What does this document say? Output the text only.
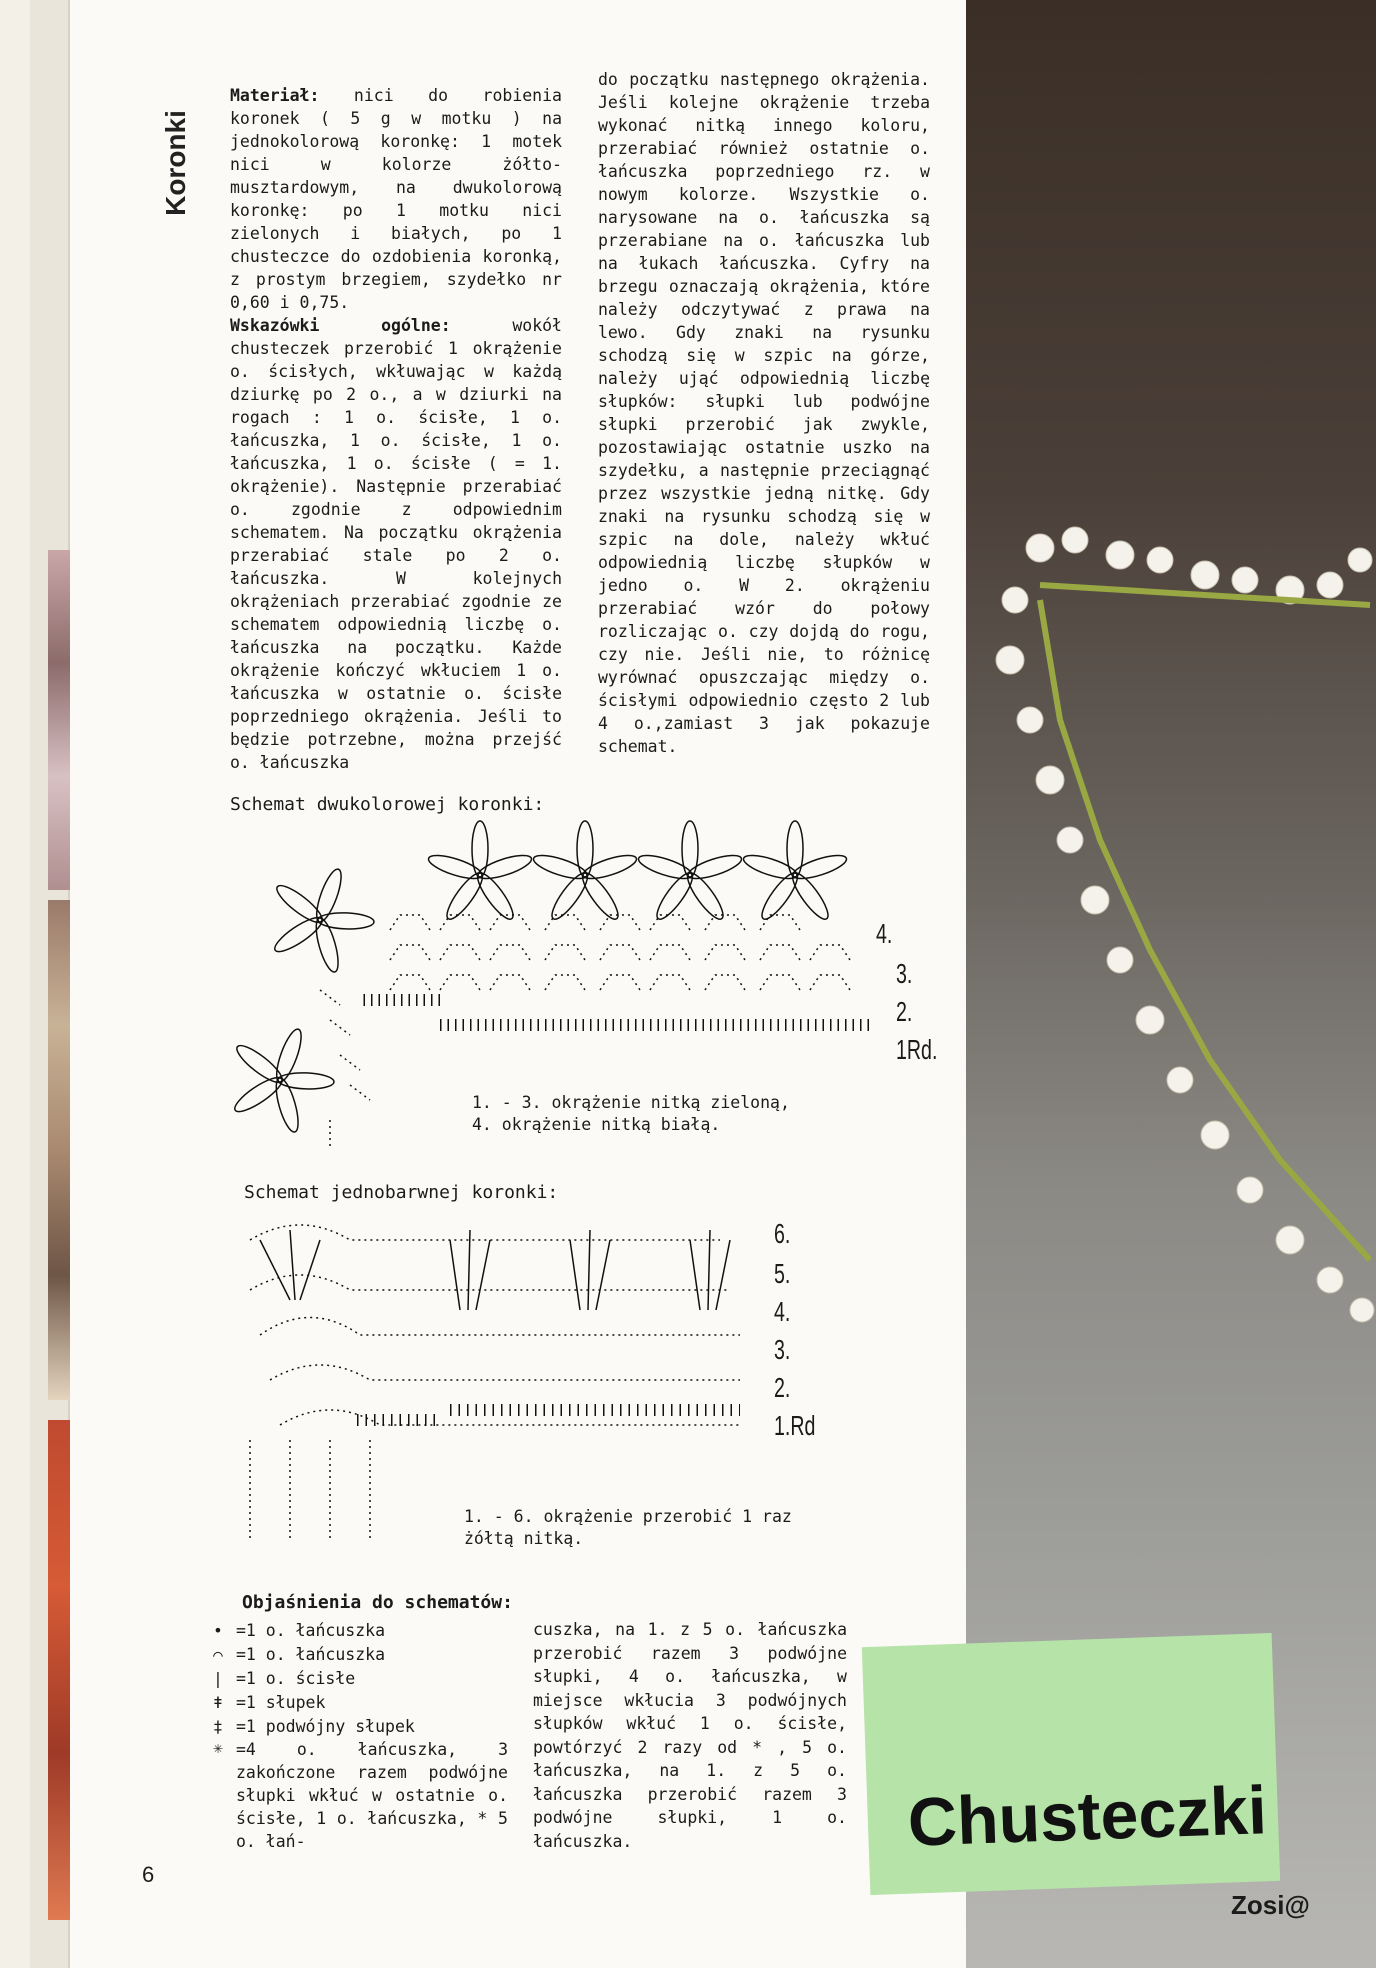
Koronki
Materiał: nici do robienia koronek ( 5 g w motku ) na jednokolorową koronkę: 1 motek nici w kolorze żółto-musztardowym, na dwukolorową koronkę: po 1 motku nici zielonych i białych, po 1 chusteczce do ozdobienia koronką, z prostym brzegiem, szydełko nr 0,60 i 0,75.
Wskazówki ogólne: wokół chusteczek przerobić 1 okrążenie o. ścisłych, wkłuwając w każdą dziurkę po 2 o., a w dziurki na rogach : 1 o. ścisłe, 1 o. łańcuszka, 1 o. ścisłe, 1 o. łańcuszka, 1 o. ścisłe ( = 1. okrążenie). Następnie przerabiać o. zgodnie z odpowiednim schematem. Na początku okrążenia przerabiać stale po 2 o. łańcuszka. W kolejnych okrążeniach przerabiać zgodnie ze schematem odpowiednią liczbę o. łańcuszka na początku. Każde okrążenie kończyć wkłuciem 1 o. łańcuszka w ostatnie o. ścisłe poprzedniego okrążenia. Jeśli to będzie potrzebne, można przejść o. łańcuszka
do początku następnego okrążenia. Jeśli kolejne okrążenie trzeba wykonać nitką innego koloru, przerabiać również ostatnie o. łańcuszka poprzedniego rz. w nowym kolorze. Wszystkie o. narysowane na o. łańcuszka są przerabiane na o. łańcuszka lub na łukach łańcuszka. Cyfry na brzegu oznaczają okrążenia, które należy odczytywać z prawa na lewo. Gdy znaki na rysunku schodzą się w szpic na górze, należy ująć odpowiednią liczbę słupków: słupki lub podwójne słupki przerobić jak zwykle, pozostawiając ostatnie uszko na szydełku, a następnie przeciągnąć przez wszystkie jedną nitkę. Gdy znaki na rysunku schodzą się w szpic na dole, należy wkłuć odpowiednią liczbę słupków w jedno o. W 2. okrążeniu przerabiać wzór do połowy rozliczając o. czy dojdą do rogu, czy nie. Jeśli nie, to różnicę wyrównać opuszczając między o. ścisłymi odpowiednio często 2 lub 4 o.,zamiast 3 jak pokazuje schemat.
Schemat dwukolorowej koronki:
4.
3.
2.
1Rd.
1. - 3. okrążenie nitką zieloną,
4. okrążenie nitką białą.
Schemat jednobarwnej koronki:
6.
5.
4.
3.
2.
1.Rd
1. - 6. okrążenie przerobić 1 raz
żółtą nitką.
Objaśnienia do schematów:
• =1 o. łańcuszka
⌒ =1 o. łańcuszka
| =1 o. ścisłe
ǂ =1 słupek
‡ =1 podwójny słupek
✳ =4 o. łańcuszka, 3 zakończone razem podwójne słupki wkłuć w ostatnie o. ścisłe, 1 o. łańcuszka, * 5 o. łań-
cuszka, na 1. z 5 o. łańcuszka przerobić razem 3 podwójne słupki, 4 o. łańcuszka, w miejsce wkłucia 3 podwójnych słupków wkłuć 1 o. ścisłe, powtórzyć 2 razy od * , 5 o. łańcuszka, na 1. z 5 o. łańcuszka przerobić razem 3 podwójne słupki, 1 o. łańcuszka.	Chusteczki
Zosi@
6
